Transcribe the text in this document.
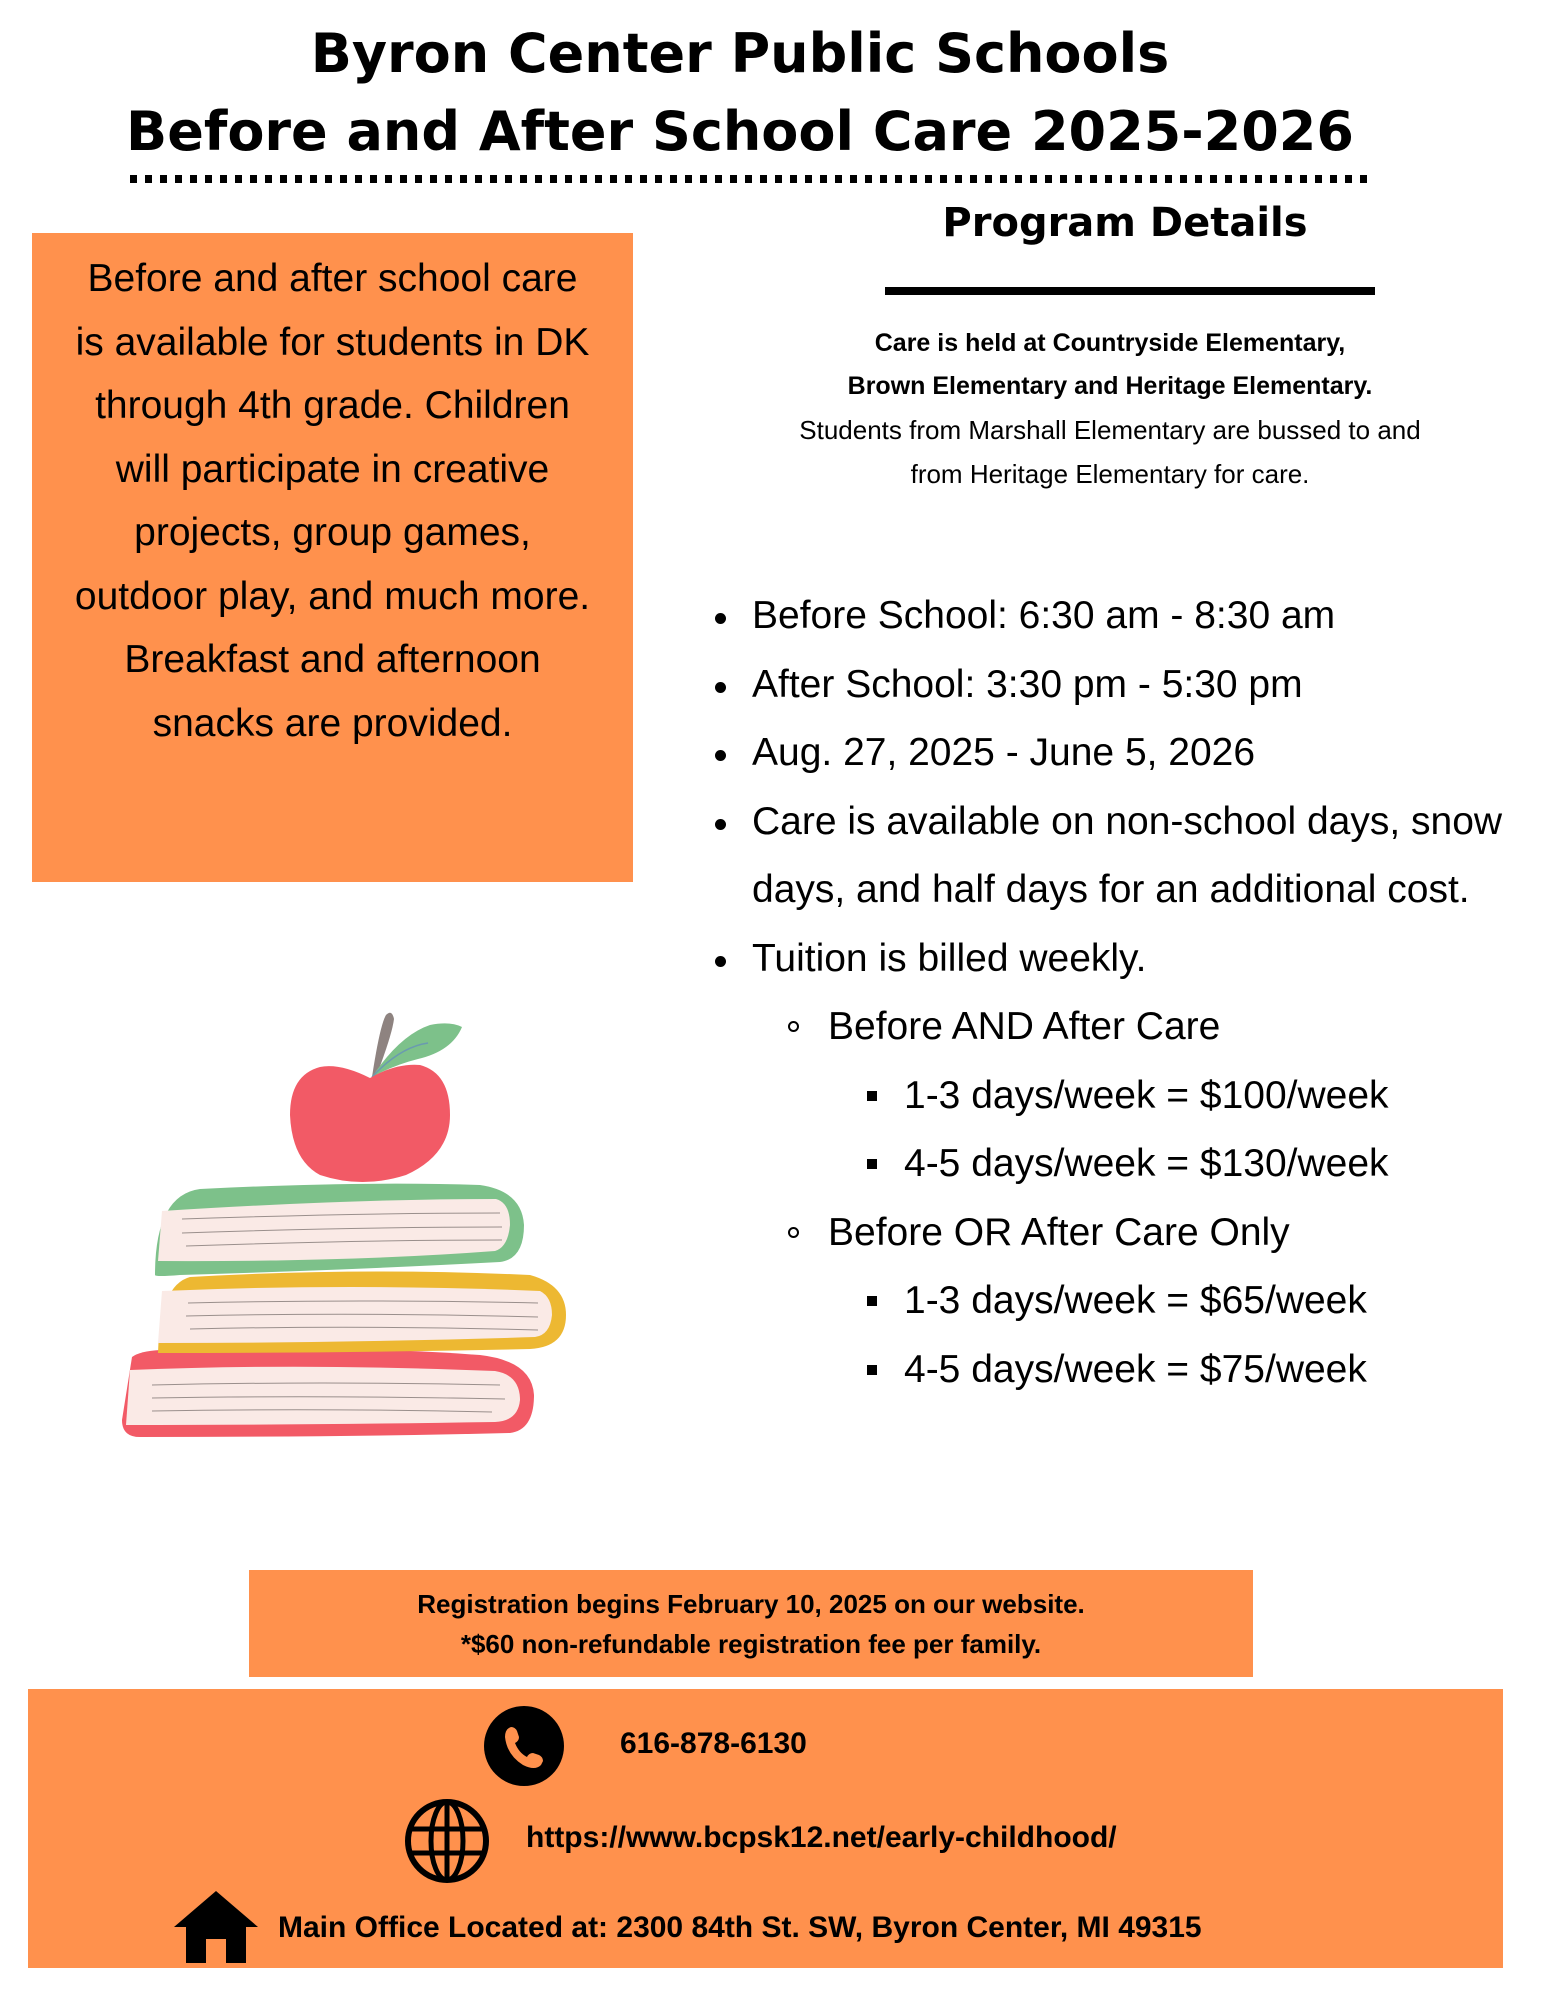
Byron Center Public Schools
Before and After School Care 2025-2026

Before and after school care is available for students in DK through 4th grade. Children will participate in creative projects, group games, outdoor play, and much more. Breakfast and afternoon snacks are provided.

Program Details
Care is held at Countryside Elementary,
Brown Elementary and Heritage Elementary.
Students from Marshall Elementary are bussed to and
from Heritage Elementary for care.
Before School: 6:30 am - 8:30 am
After School: 3:30 pm - 5:30 pm
Aug. 27, 2025 - June 5, 2026
Care is available on non-school days, snow days, and half days for an additional cost.
Tuition is billed weekly.
Before AND After Care
1-3 days/week = $100/week
4-5 days/week = $130/week
Before OR After Care Only
1-3 days/week = $65/week
4-5 days/week = $75/week
Registration begins February 10, 2025 on our website.
*$60 non-refundable registration fee per family.
616-878-6130
https://www.bcpsk12.net/early-childhood/
Main Office Located at: 2300 84th St. SW, Byron Center, MI 49315
